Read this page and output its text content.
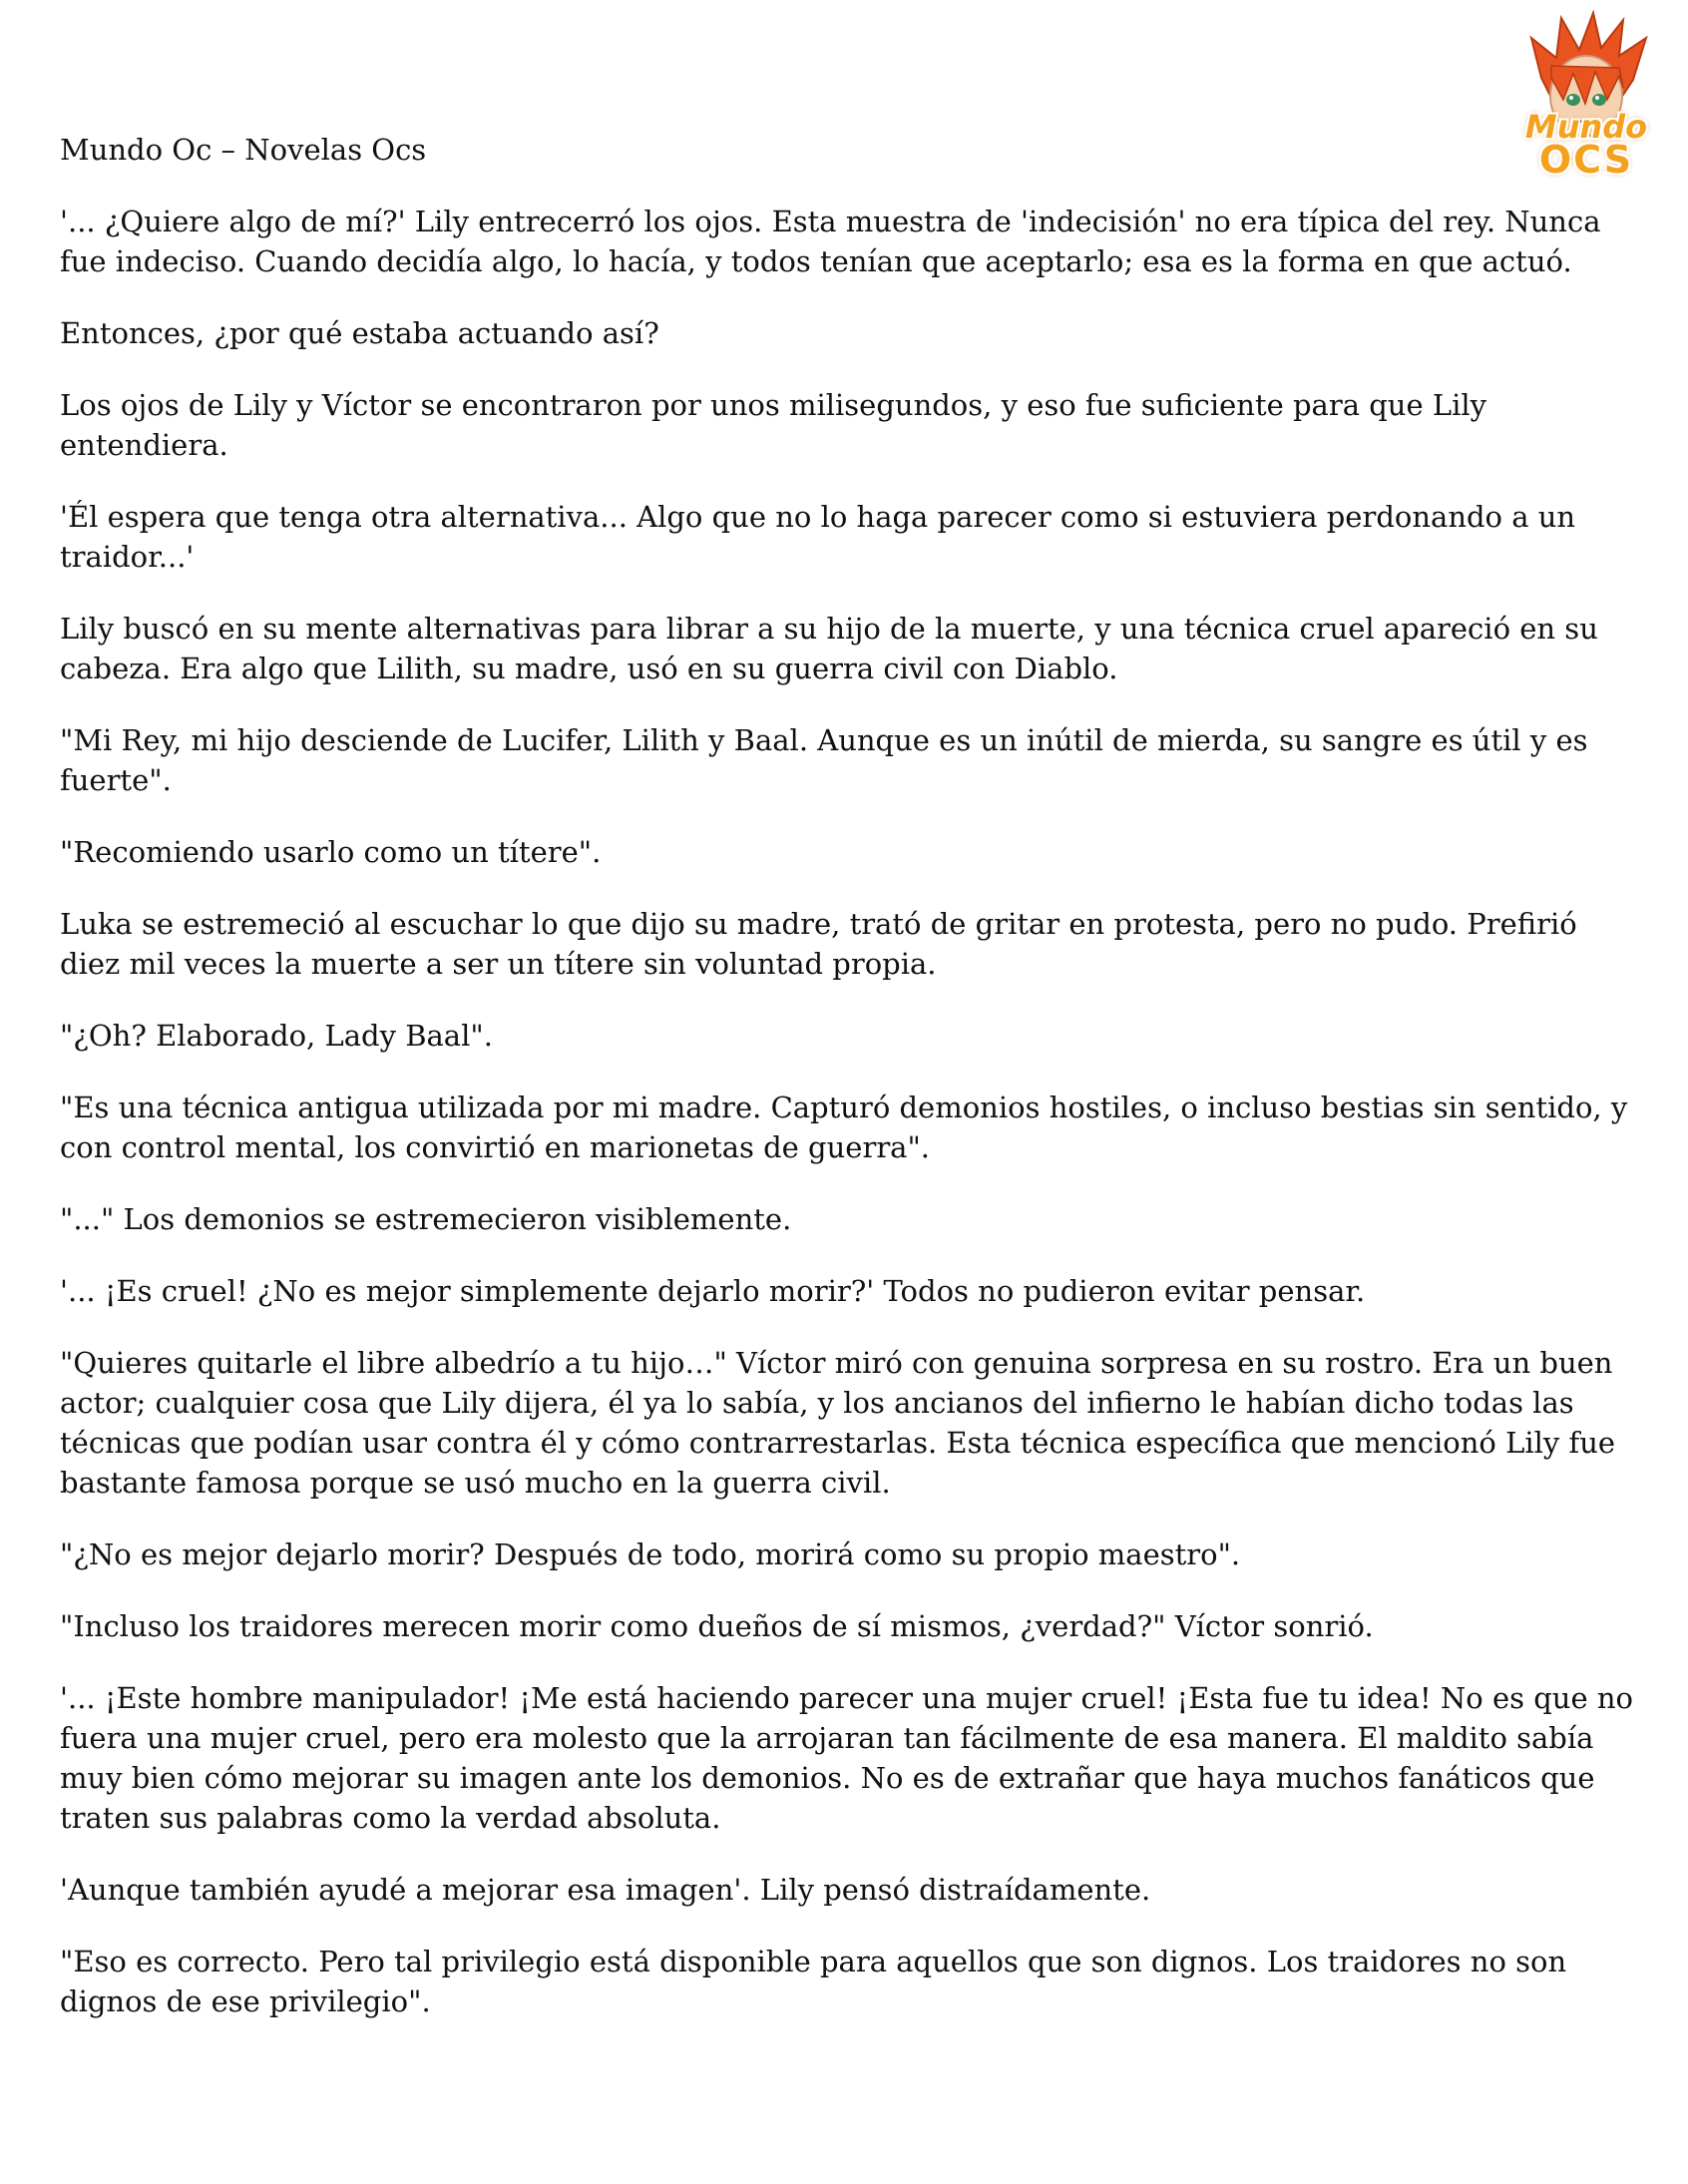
Mundo
OCS
Mundo Oc – Novelas Ocs

'... ¿Quiere algo de mí?' Lily entrecerró los ojos. Esta muestra de 'indecisión' no era típica del rey. Nunca fue indeciso. Cuando decidía algo, lo hacía, y todos tenían que aceptarlo; esa es la forma en que actuó.

Entonces, ¿por qué estaba actuando así?

Los ojos de Lily y Víctor se encontraron por unos milisegundos, y eso fue suficiente para que Lily entendiera.

'Él espera que tenga otra alternativa... Algo que no lo haga parecer como si estuviera perdonando a un traidor...'

Lily buscó en su mente alternativas para librar a su hijo de la muerte, y una técnica cruel apareció en su cabeza. Era algo que Lilith, su madre, usó en su guerra civil con Diablo.

"Mi Rey, mi hijo desciende de Lucifer, Lilith y Baal. Aunque es un inútil de mierda, su sangre es útil y es fuerte".

"Recomiendo usarlo como un títere".

Luka se estremeció al escuchar lo que dijo su madre, trató de gritar en protesta, pero no pudo. Prefirió diez mil veces la muerte a ser un títere sin voluntad propia.

"¿Oh? Elaborado, Lady Baal".

"Es una técnica antigua utilizada por mi madre. Capturó demonios hostiles, o incluso bestias sin sentido, y con control mental, los convirtió en marionetas de guerra".

"..." Los demonios se estremecieron visiblemente.

'... ¡Es cruel! ¿No es mejor simplemente dejarlo morir?' Todos no pudieron evitar pensar.

"Quieres quitarle el libre albedrío a tu hijo…" Víctor miró con genuina sorpresa en su rostro. Era un buen actor; cualquier cosa que Lily dijera, él ya lo sabía, y los ancianos del infierno le habían dicho todas las técnicas que podían usar contra él y cómo contrarrestarlas. Esta técnica específica que mencionó Lily fue bastante famosa porque se usó mucho en la guerra civil.

"¿No es mejor dejarlo morir? Después de todo, morirá como su propio maestro".

"Incluso los traidores merecen morir como dueños de sí mismos, ¿verdad?" Víctor sonrió.

'... ¡Este hombre manipulador! ¡Me está haciendo parecer una mujer cruel! ¡Esta fue tu idea! No es que no fuera una mujer cruel, pero era molesto que la arrojaran tan fácilmente de esa manera. El maldito sabía muy bien cómo mejorar su imagen ante los demonios. No es de extrañar que haya muchos fanáticos que traten sus palabras como la verdad absoluta.

'Aunque también ayudé a mejorar esa imagen'. Lily pensó distraídamente.

"Eso es correcto. Pero tal privilegio está disponible para aquellos que son dignos. Los traidores no son dignos de ese privilegio".
